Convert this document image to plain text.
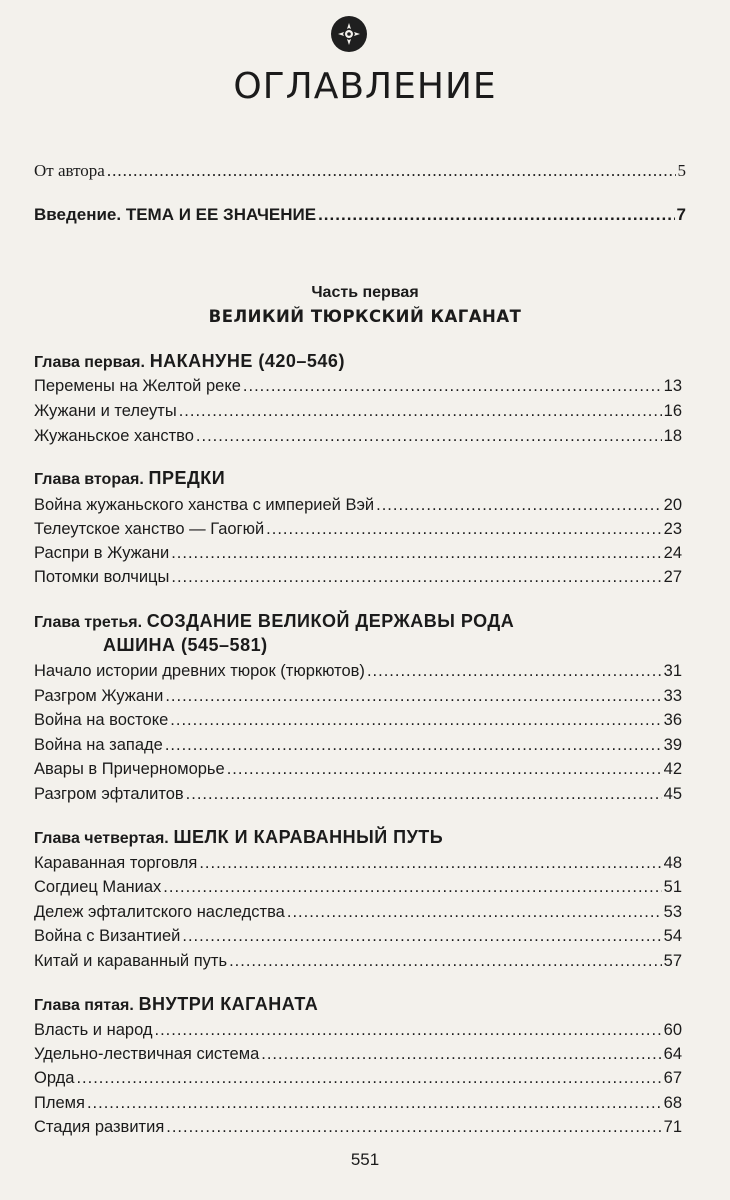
ОГЛАВЛЕНИЕ
От автора .....	5
Введение. ТЕМА И ЕЕ ЗНАЧЕНИЕ .....	7
Часть первая
ВЕЛИКИЙ ТЮРКСКИЙ КАГАНАТ
Глава первая. НАКАНУНЕ (420–546)
Перемены на Желтой реке .....	13
Жужани и телеуты .....	16
Жужаньское ханство .....	18
Глава вторая. ПРЕДКИ
Война жужаньского ханства с империей Вэй .....	20
Телеутское ханство — Гаогюй .....	23
Распри в Жужани .....	24
Потомки волчицы .....	27
Глава третья. СОЗДАНИЕ ВЕЛИКОЙ ДЕРЖАВЫ РОДА
АШИНА (545–581)
Начало истории древних тюрок (тюркютов) .....	31
Разгром Жужани .....	33
Война на востоке .....	36
Война на западе .....	39
Авары в Причерноморье .....	42
Разгром эфталитов .....	45
Глава четвертая. ШЕЛК И КАРАВАННЫЙ ПУТЬ
Караванная торговля .....	48
Согдиец Маниах .....	51
Дележ эфталитского наследства .....	53
Война с Византией .....	54
Китай и караванный путь .....	57
Глава пятая. ВНУТРИ КАГАНАТА
Власть и народ .....	60
Удельно-лествичная система .....	64
Орда .....	67
Племя .....	68
Стадия развития .....	71
551
